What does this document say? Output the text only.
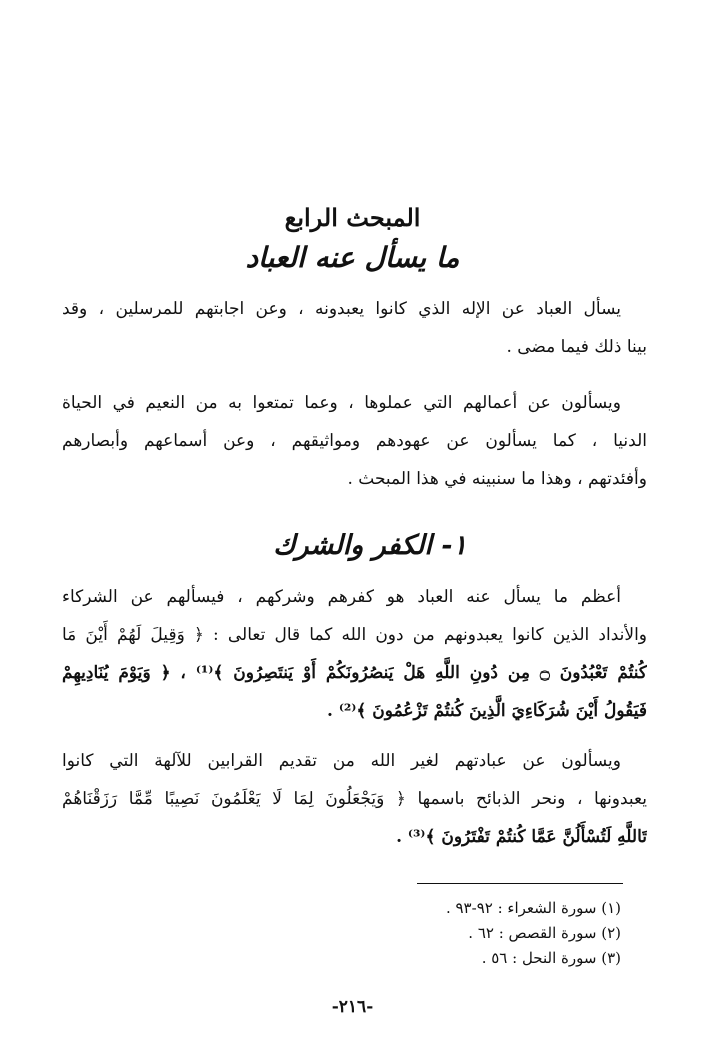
المبحث الرابع
ما يسأل عنه العباد
يسأل العباد عن الإله الذي كانوا يعبدونه ، وعن اجابتهم للمرسلين ، وقد
بينا ذلك فيما مضى .
ويسألون عن أعمالهم التي عملوها ، وعما تمتعوا به من النعيم في الحياة
الدنيا ، كما يسألون عن عهودهم ومواثيقهم ، وعن أسماعهم وأبصارهم
وأفئدتهم ، وهذا ما سنبينه في هذا المبحث .
١- الكفر والشرك
أعظم ما يسأل عنه العباد هو كفرهم وشركهم ، فيسألهم عن الشركاء
والأنداد الذين كانوا يعبدونهم من دون الله كما قال تعالى : ﴿ وَقِيلَ لَهُمْ أَيْنَ مَا
كُنتُمْ تَعْبُدُونَ ۝ مِن دُونِ اللَّهِ هَلْ يَنصُرُونَكُمْ أَوْ يَنتَصِرُونَ ﴾⁽¹⁾ ، ﴿ وَيَوْمَ يُنَادِيهِمْ
فَيَقُولُ أَيْنَ شُرَكَاءِيَ الَّذِينَ كُنتُمْ تَزْعُمُونَ ﴾⁽²⁾ .
ويسألون عن عبادتهم لغير الله من تقديم القرابين للآلهة التي كانوا
يعبدونها ، ونحر الذبائح باسمها ﴿ وَيَجْعَلُونَ لِمَا لَا يَعْلَمُونَ نَصِيبًا مِّمَّا رَزَقْنَاهُمْ
تَاللَّهِ لَتُسْأَلُنَّ عَمَّا كُنتُمْ تَفْتَرُونَ ﴾⁽³⁾ .
(١) سورة الشعراء : ٩٢-٩٣ .
(٢) سورة القصص : ٦٢ .
(٣) سورة النحل : ٥٦ .
-٢١٦-
